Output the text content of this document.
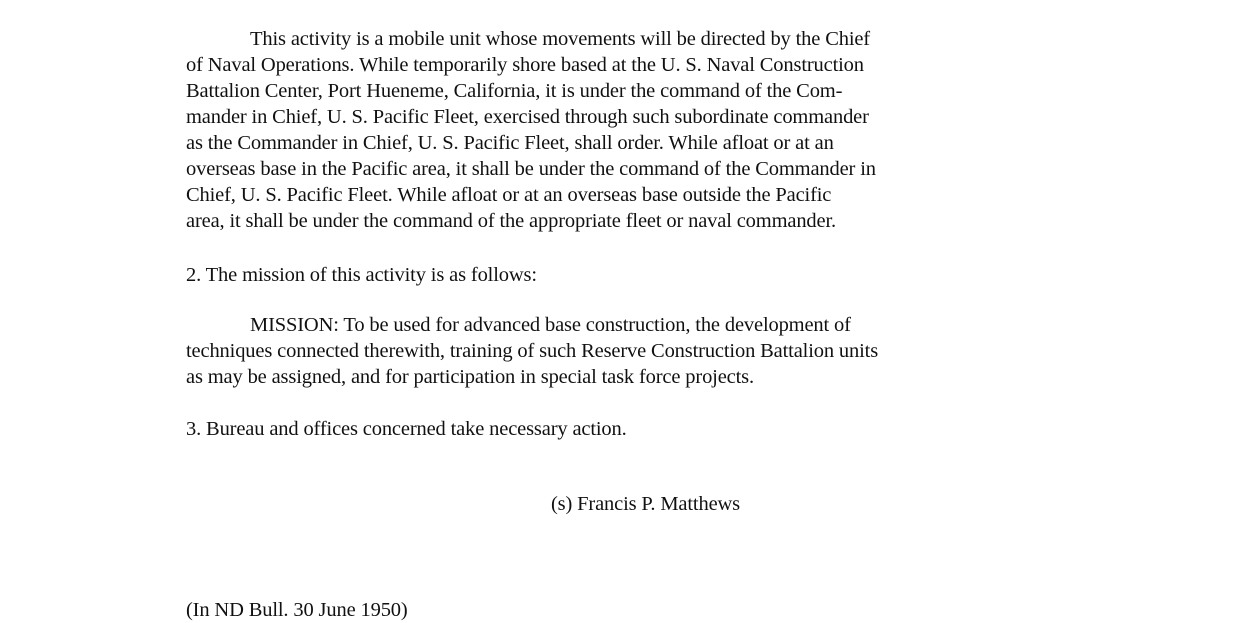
This activity is a mobile unit whose movements will be directed by the Chief
of Naval Operations. While temporarily shore based at the U. S. Naval Construction
Battalion Center, Port Hueneme, California, it is under the command of the Com-
mander in Chief, U. S. Pacific Fleet, exercised through such subordinate commander
as the Commander in Chief, U. S. Pacific Fleet, shall order. While afloat or at an
overseas base in the Pacific area, it shall be under the command of the Commander in
Chief, U. S. Pacific Fleet. While afloat or at an overseas base outside the Pacific
area, it shall be under the command of the appropriate fleet or naval commander.
2. The mission of this activity is as follows:
MISSION: To be used for advanced base construction, the development of
techniques connected therewith, training of such Reserve Construction Battalion units
as may be assigned, and for participation in special task force projects.
3. Bureau and offices concerned take necessary action.
(s) Francis P. Matthews
(In ND Bull. 30 June 1950)
